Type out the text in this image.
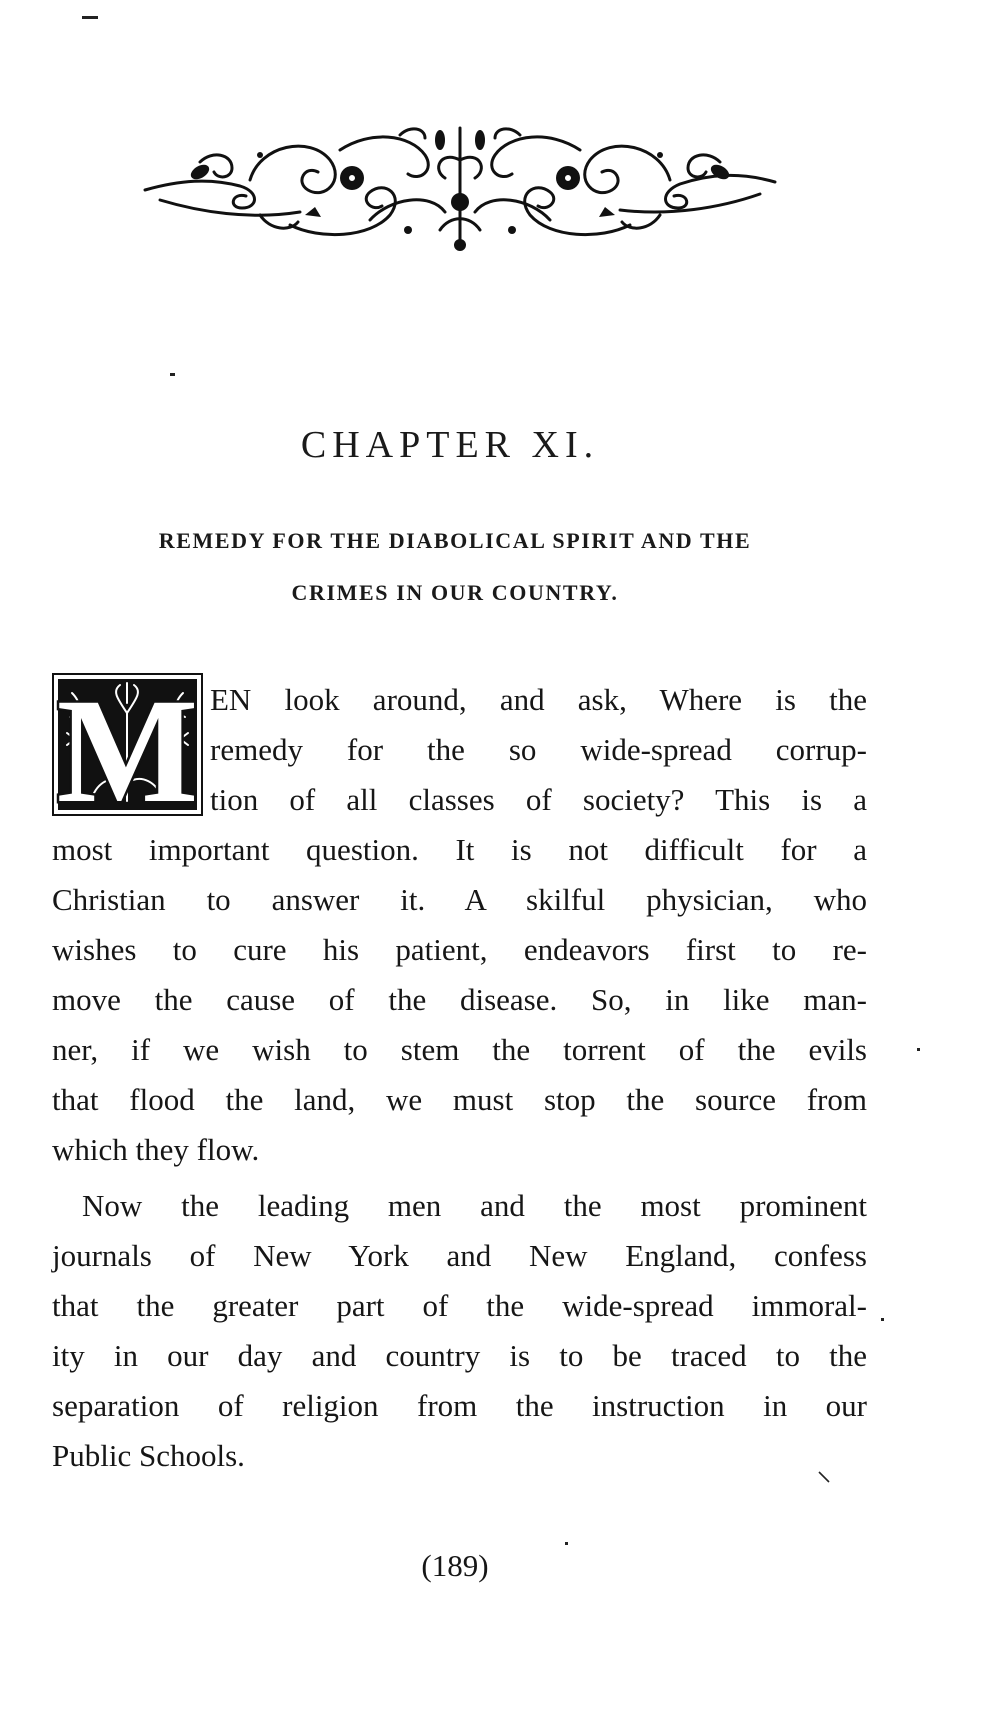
CHAPTER XI.
REMEDY FOR THE DIABOLICAL SPIRIT AND THE
CRIMES IN OUR COUNTRY.
M EN look around, and ask, Where is the
remedy for the so wide-spread corrup-
tion of all classes of society? This is a
most important question. It is not difficult for a
Christian to answer it. A skilful physician, who
wishes to cure his patient, endeavors first to re-
move the cause of the disease. So, in like man-
ner, if we wish to stem the torrent of the evils
that flood the land, we must stop the source from
which they flow.
Now the leading men and the most prominent
journals of New York and New England, confess
that the greater part of the wide-spread immoral-
ity in our day and country is to be traced to the
separation of religion from the instruction in our
Public Schools.
(189)
